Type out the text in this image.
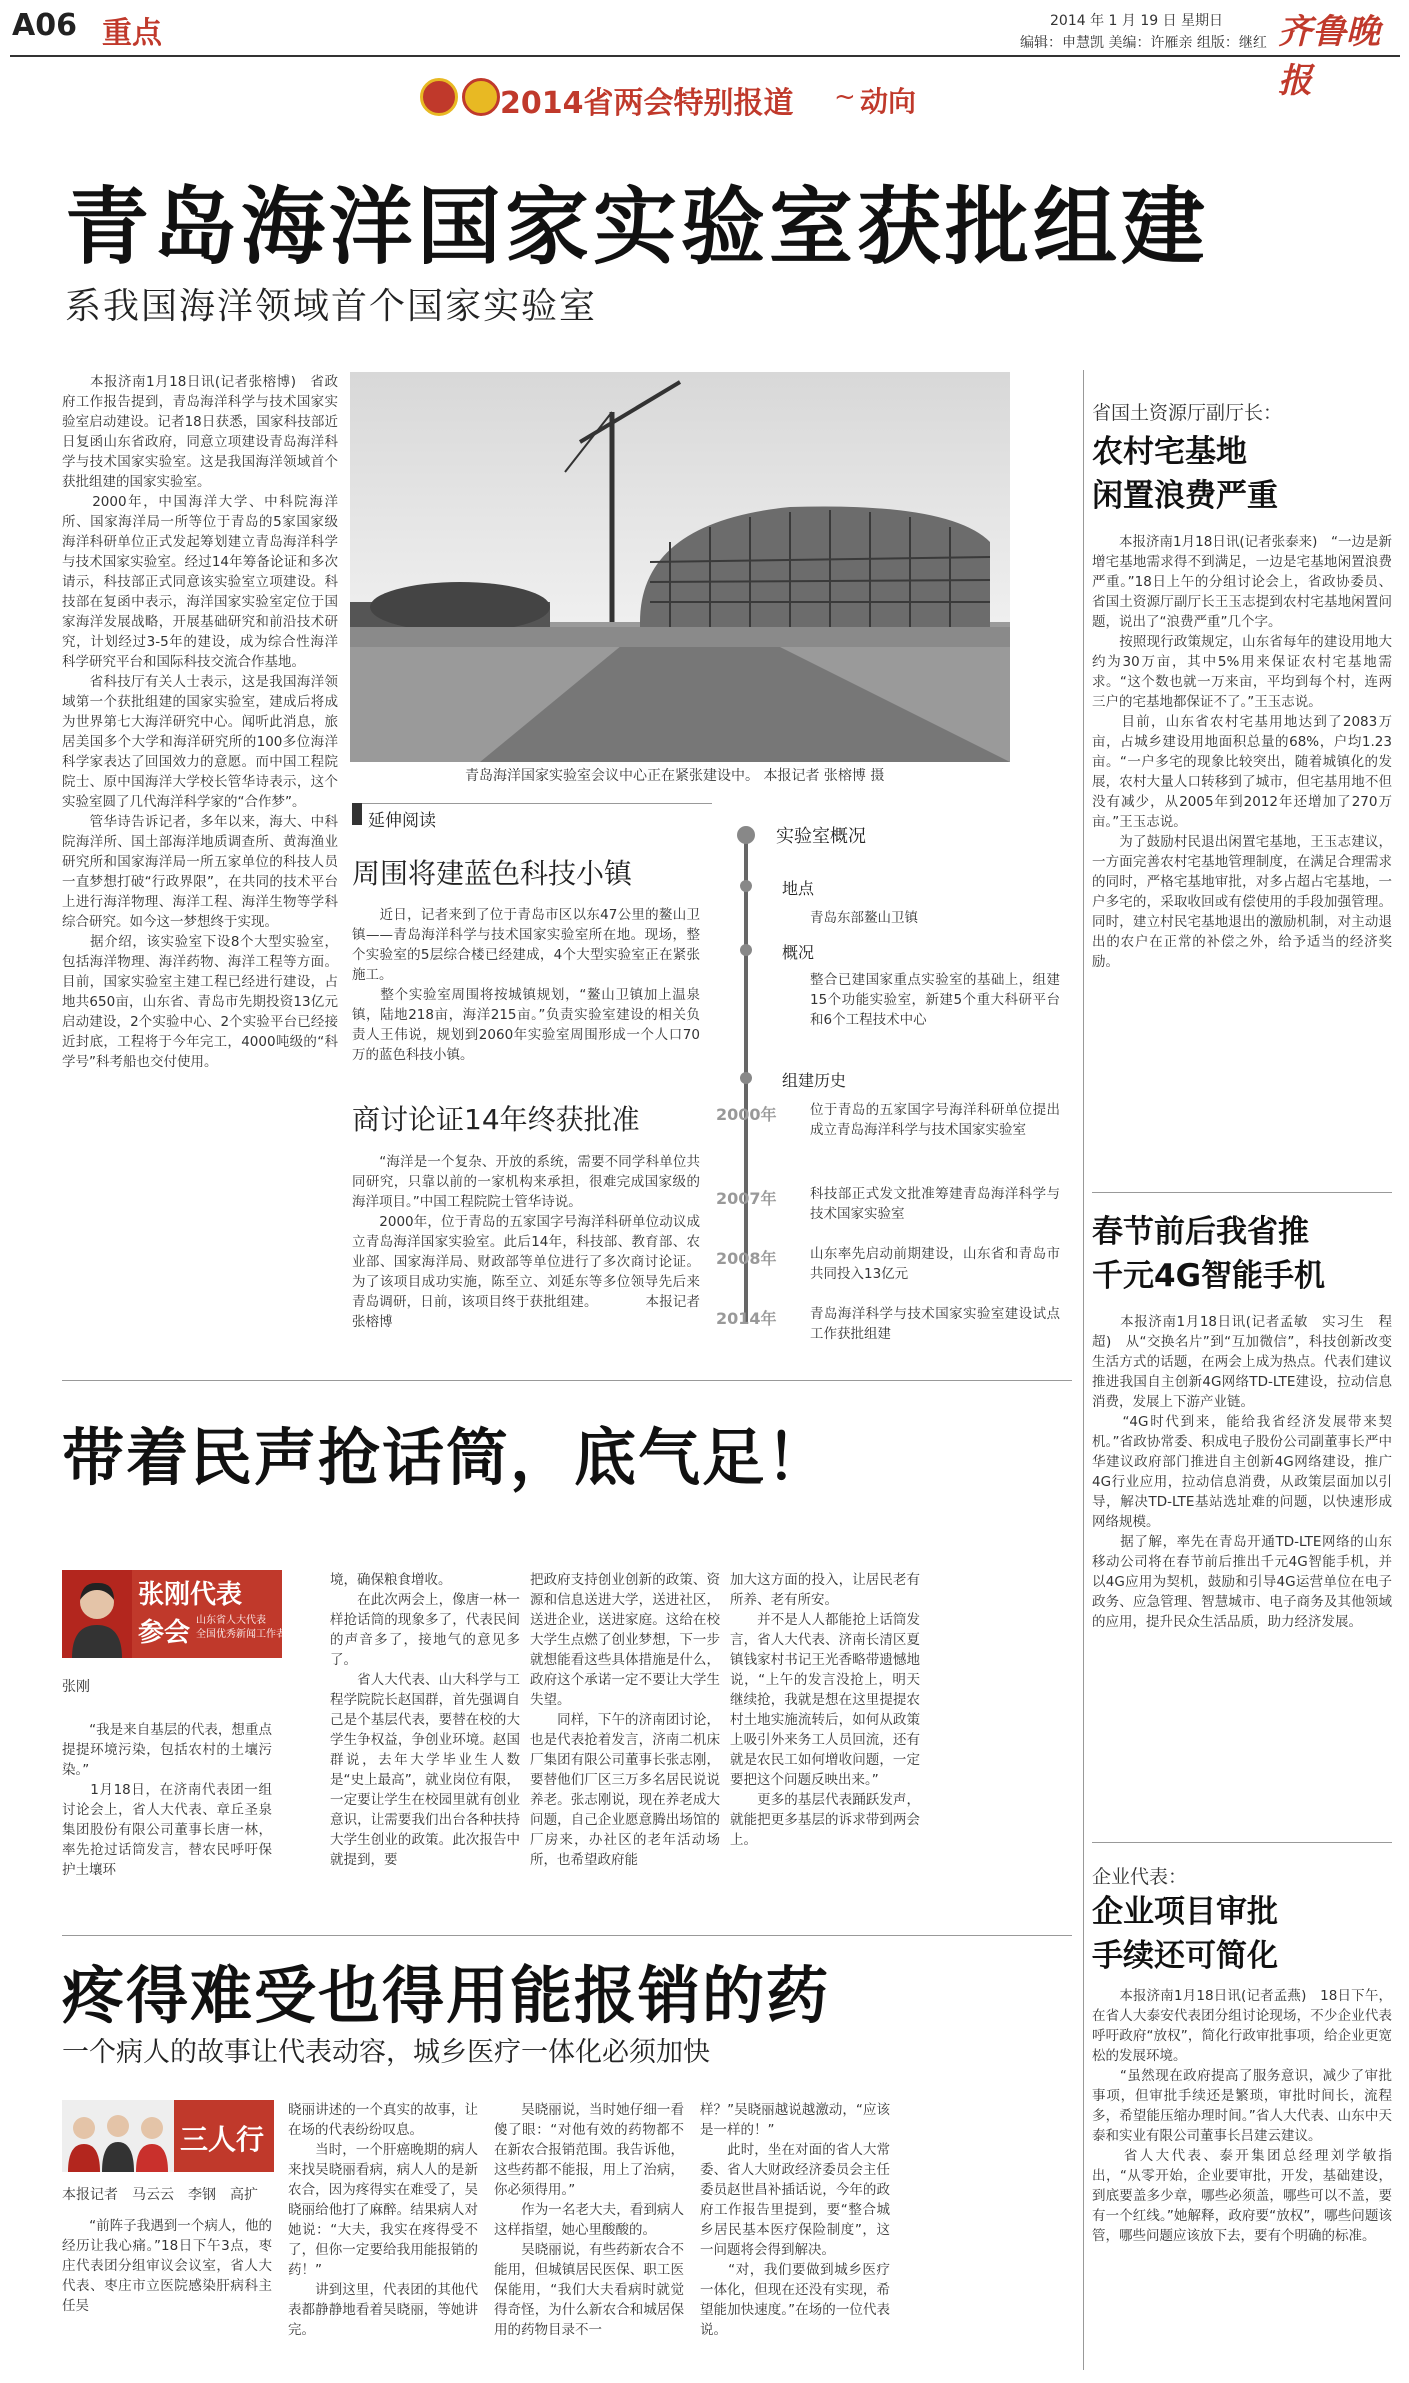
A06 重点	2014 年 1 月 19 日 星期日
编辑：申慧凯 美编：许雁亲 组版：继红 齐鲁晚报
2014省两会特别报道 ~ 动向
青岛海洋国家实验室获批组建
系我国海洋领域首个国家实验室
　　本报济南1月18日讯(记者张榕博)　省政府工作报告提到，青岛海洋科学与技术国家实验室启动建设。记者18日获悉，国家科技部近日复函山东省政府，同意立项建设青岛海洋科学与技术国家实验室。这是我国海洋领域首个获批组建的国家实验室。
　　2000年，中国海洋大学、中科院海洋所、国家海洋局一所等位于青岛的5家国家级海洋科研单位正式发起筹划建立青岛海洋科学与技术国家实验室。经过14年筹备论证和多次请示，科技部正式同意该实验室立项建设。科技部在复函中表示，海洋国家实验室定位于国家海洋发展战略，开展基础研究和前沿技术研究，计划经过3-5年的建设，成为综合性海洋科学研究平台和国际科技交流合作基地。
　　省科技厅有关人士表示，这是我国海洋领域第一个获批组建的国家实验室，建成后将成为世界第七大海洋研究中心。闻听此消息，旅居美国多个大学和海洋研究所的100多位海洋科学家表达了回国效力的意愿。而中国工程院院士、原中国海洋大学校长管华诗表示，这个实验室圆了几代海洋科学家的“合作梦”。
　　管华诗告诉记者，多年以来，海大、中科院海洋所、国土部海洋地质调查所、黄海渔业研究所和国家海洋局一所五家单位的科技人员一直梦想打破“行政界限”，在共同的技术平台上进行海洋物理、海洋工程、海洋生物等学科综合研究。如今这一梦想终于实现。
　　据介绍，该实验室下设8个大型实验室，包括海洋物理、海洋药物、海洋工程等方面。目前，国家实验室主建工程已经进行建设，占地共650亩，山东省、青岛市先期投资13亿元启动建设，2个实验中心、2个实验平台已经接近封底，工程将于今年完工，4000吨级的“科学号”科考船也交付使用。
青岛海洋国家实验室会议中心正在紧张建设中。 本报记者 张榕博 摄
延伸阅读
周围将建蓝色科技小镇
　　近日，记者来到了位于青岛市区以东47公里的鳌山卫镇——青岛海洋科学与技术国家实验室所在地。现场，整个实验室的5层综合楼已经建成，4个大型实验室正在紧张施工。
　　整个实验室周围将按城镇规划，“鳌山卫镇加上温泉镇，陆地218亩，海洋215亩。”负责实验室建设的相关负责人王伟说，规划到2060年实验室周围形成一个人口70万的蓝色科技小镇。
商讨论证14年终获批准
　　“海洋是一个复杂、开放的系统，需要不同学科单位共同研究，只靠以前的一家机构来承担，很难完成国家级的海洋项目。”中国工程院院士管华诗说。
　　2000年，位于青岛的五家国字号海洋科研单位动议成立青岛海洋国家实验室。此后14年，科技部、教育部、农业部、国家海洋局、财政部等单位进行了多次商讨论证。为了该项目成功实施，陈至立、刘延东等多位领导先后来青岛调研，日前，该项目终于获批组建。　　　　本报记者　张榕博
实验室概况
地点
青岛东部鳌山卫镇
概况
整合已建国家重点实验室的基础上，组建15个功能实验室，新建5个重大科研平台和6个工程技术中心
组建历史
2000年 位于青岛的五家国字号海洋科研单位提出成立青岛海洋科学与技术国家实验室
2007年 科技部正式发文批准筹建青岛海洋科学与技术国家实验室
2008年 山东率先启动前期建设，山东省和青岛市共同投入13亿元
2014年 青岛海洋科学与技术国家实验室建设试点工作获批组建
省国土资源厅副厅长：
农村宅基地
闲置浪费严重
　　本报济南1月18日讯(记者张泰来)　“一边是新增宅基地需求得不到满足，一边是宅基地闲置浪费严重。”18日上午的分组讨论会上，省政协委员、省国土资源厅副厅长王玉志提到农村宅基地闲置问题，说出了“浪费严重”几个字。
　　按照现行政策规定，山东省每年的建设用地大约为30万亩，其中5%用来保证农村宅基地需求。“这个数也就一万来亩，平均到每个村，连两三户的宅基地都保证不了。”王玉志说。
　　目前，山东省农村宅基用地达到了2083万亩，占城乡建设用地面积总量的68%，户均1.23亩。“一户多宅的现象比较突出，随着城镇化的发展，农村大量人口转移到了城市，但宅基用地不但没有减少，从2005年到2012年还增加了270万亩。”王玉志说。
　　为了鼓励村民退出闲置宅基地，王玉志建议，一方面完善农村宅基地管理制度，在满足合理需求的同时，严格宅基地审批，对多占超占宅基地，一户多宅的，采取收回或有偿使用的手段加强管理。同时，建立村民宅基地退出的激励机制，对主动退出的农户在正常的补偿之外，给予适当的经济奖励。
春节前后我省推
千元4G智能手机
　　本报济南1月18日讯(记者孟敏　实习生　程超)　从“交换名片”到“互加微信”，科技创新改变生活方式的话题，在两会上成为热点。代表们建议推进我国自主创新4G网络TD-LTE建设，拉动信息消费，发展上下游产业链。
　　“4G时代到来，能给我省经济发展带来契机。”省政协常委、积成电子股份公司副董事长严中华建议政府部门推进自主创新4G网络建设，推广4G行业应用，拉动信息消费，从政策层面加以引导，解决TD-LTE基站选址难的问题，以快速形成网络规模。
　　据了解，率先在青岛开通TD-LTE网络的山东移动公司将在春节前后推出千元4G智能手机，并以4G应用为契机，鼓励和引导4G运营单位在电子政务、应急管理、智慧城市、电子商务及其他领域的应用，提升民众生活品质，助力经济发展。
企业代表：
企业项目审批
手续还可简化
　　本报济南1月18日讯(记者孟燕)　18日下午，在省人大泰安代表团分组讨论现场，不少企业代表呼吁政府“放权”，简化行政审批事项，给企业更宽松的发展环境。
　　“虽然现在政府提高了服务意识，减少了审批事项，但审批手续还是繁琐，审批时间长，流程多，希望能压缩办理时间。”省人大代表、山东中天泰和实业有限公司董事长吕建云建议。
　　省人大代表、泰开集团总经理刘学敏指出，“从零开始，企业要审批，开发，基础建设，到底要盖多少章，哪些必须盖，哪些可以不盖，要有一个红线。”她解释，政府要“放权”，哪些问题该管，哪些问题应该放下去，要有个明确的标准。
带着民声抢话筒，底气足！
张刚代表
参会 山东省人大代表
全国优秀新闻工作者
张刚
　　“我是来自基层的代表，想重点提提环境污染，包括农村的土壤污染。”
　　1月18日，在济南代表团一组讨论会上，省人大代表、章丘圣泉集团股份有限公司董事长唐一林，率先抢过话筒发言，替农民呼吁保护土壤环
境，确保粮食增收。
　　在此次两会上，像唐一林一样抢话筒的现象多了，代表民间的声音多了，接地气的意见多了。
　　省人大代表、山大科学与工程学院院长赵国群，首先强调自己是个基层代表，要替在校的大学生争权益，争创业环境。赵国群说，去年大学毕业生人数是“史上最高”，就业岗位有限，一定要让学生在校园里就有创业意识，让需要我们出台各种扶持大学生创业的政策。此次报告中就提到，要
把政府支持创业创新的政策、资源和信息送进大学，送进社区，送进企业，送进家庭。这给在校大学生点燃了创业梦想，下一步就想能看这些具体措施是什么，政府这个承诺一定不要让大学生失望。
　　同样，下午的济南团讨论，也是代表抢着发言，济南二机床厂集团有限公司董事长张志刚，要替他们厂区三万多名居民说说养老。张志刚说，现在养老成大问题，自己企业愿意腾出场馆的厂房来，办社区的老年活动场所，也希望政府能
加大这方面的投入，让居民老有所养、老有所安。
　　并不是人人都能抢上话筒发言，省人大代表、济南长清区夏镇钱家村书记王光香略带遗憾地说，“上午的发言没抢上，明天继续抢，我就是想在这里提提农村土地实施流转后，如何从政策上吸引外来务工人员回流，还有就是农民工如何增收问题，一定要把这个问题反映出来。”
　　更多的基层代表踊跃发声，就能把更多基层的诉求带到两会上。
疼得难受也得用能报销的药
一个病人的故事让代表动容，城乡医疗一体化必须加快
三人行
本报记者　马云云　李钢　高扩
　　“前阵子我遇到一个病人，他的经历让我心痛。”18日下午3点，枣庄代表团分组审议会议室，省人大代表、枣庄市立医院感染肝病科主任吴
晓丽讲述的一个真实的故事，让在场的代表纷纷叹息。
　　当时，一个肝癌晚期的病人来找吴晓丽看病，病人人的是新农合，因为疼得实在难受了，吴晓丽给他打了麻醉。结果病人对她说：“大夫，我实在疼得受不了，但你一定要给我用能报销的药！”
　　讲到这里，代表团的其他代表都静静地看着吴晓丽，等她讲完。
　　吴晓丽说，当时她仔细一看傻了眼：“对他有效的药物都不在新农合报销范围。我告诉他，这些药都不能报，用上了治病，你必须得用。”
　　作为一名老大夫，看到病人这样指望，她心里酸酸的。
　　吴晓丽说，有些药新农合不能用，但城镇居民医保、职工医保能用，“我们大夫看病时就觉得奇怪，为什么新农合和城居保用的药物目录不一
样？”吴晓丽越说越激动，“应该是一样的！”
　　此时，坐在对面的省人大常委、省人大财政经济委员会主任委员赵世昌补插话说，今年的政府工作报告里提到，要“整合城乡居民基本医疗保险制度”，这一问题将会得到解决。
　　“对，我们要做到城乡医疗一体化，但现在还没有实现，希望能加快速度。”在场的一位代表说。
